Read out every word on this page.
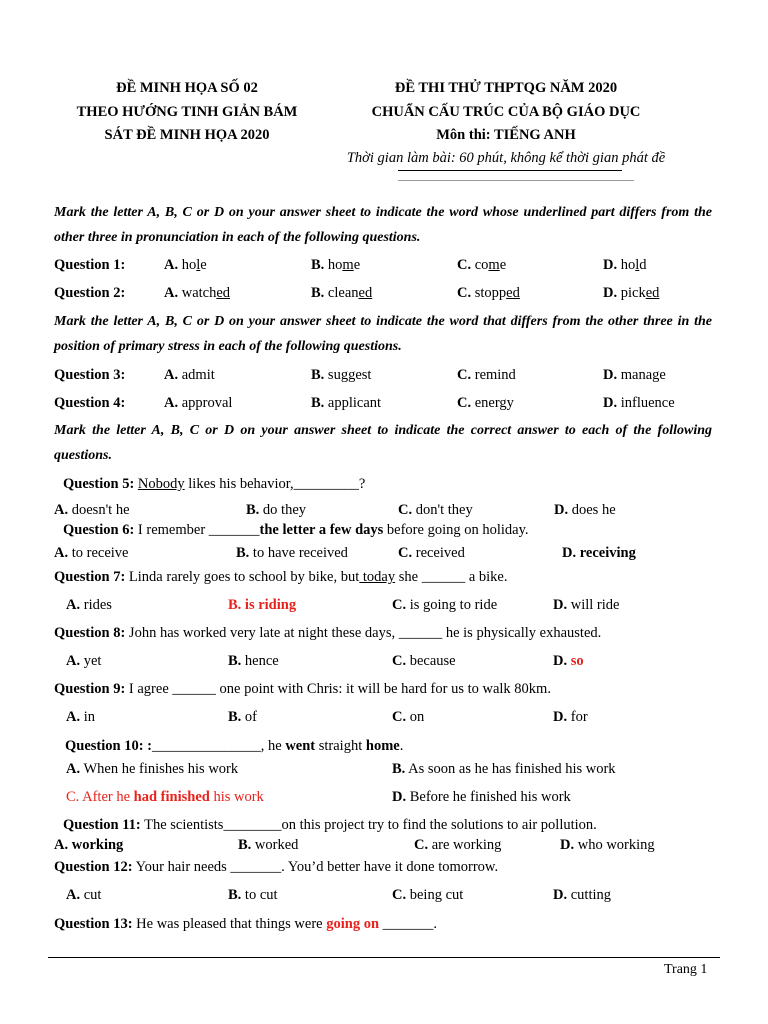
ĐỀ MINH HỌA SỐ 02
THEO HƯỚNG TINH GIẢN BÁM
SÁT ĐỀ MINH HỌA 2020
ĐỀ THI THỬ THPTQG NĂM 2020
CHUẨN CẤU TRÚC CỦA BỘ GIÁO DỤC
Môn thi: TIẾNG ANH
Thời gian làm bài: 60 phút, không kể thời gian phát đề
Mark the letter A, B, C or D on your answer sheet to indicate the word whose underlined part differs from the other three in pronunciation in each of the following questions.
Question 1:	A. hole	B. home	C. come	D. hold
Question 2:	A. watched	B. cleaned	C. stopped	D. picked
Mark the letter A, B, C or D on your answer sheet to indicate the word that differs from the other three in the position of primary stress in each of the following questions.
Question 3:	A. admit	B. suggest	C. remind	D. manage
Question 4:	A. approval	B. applicant	C. energy	D. influence
Mark the letter A, B, C or D on your answer sheet to indicate the correct answer to each of the following questions.
Question 5: Nobody likes his behavior,_________?
A. doesn't he	B. do they	C. don't they	D. does he
Question 6: I remember _______the letter a few days before going on holiday.
A. to receive	B. to have received	C. received	D. receiving
Question 7: Linda rarely goes to school by bike, but today she ______ a bike.
A. rides	B. is riding	C. is going to ride	D. will ride
Question 8: John has worked very late at night these days, ______ he is physically exhausted.
A. yet	B. hence	C. because	D. so
Question 9: I agree ______ one point with Chris: it will be hard for us to walk 80km.
A. in	B. of	C. on	D. for
Question 10: :_______________, he went straight home.
A. When he finishes his work	B. As soon as he has finished his work
C. After he had finished his work	D. Before he finished his work
Question 11: The scientists________on this project try to find the solutions to air pollution.
A. working	B. worked	C. are working	D. who working
Question 12: Your hair needs _______. You’d better have it done tomorrow.
A. cut	B. to cut	C. being cut	D. cutting
Question 13: He was pleased that things were going on _______.
Trang 1
